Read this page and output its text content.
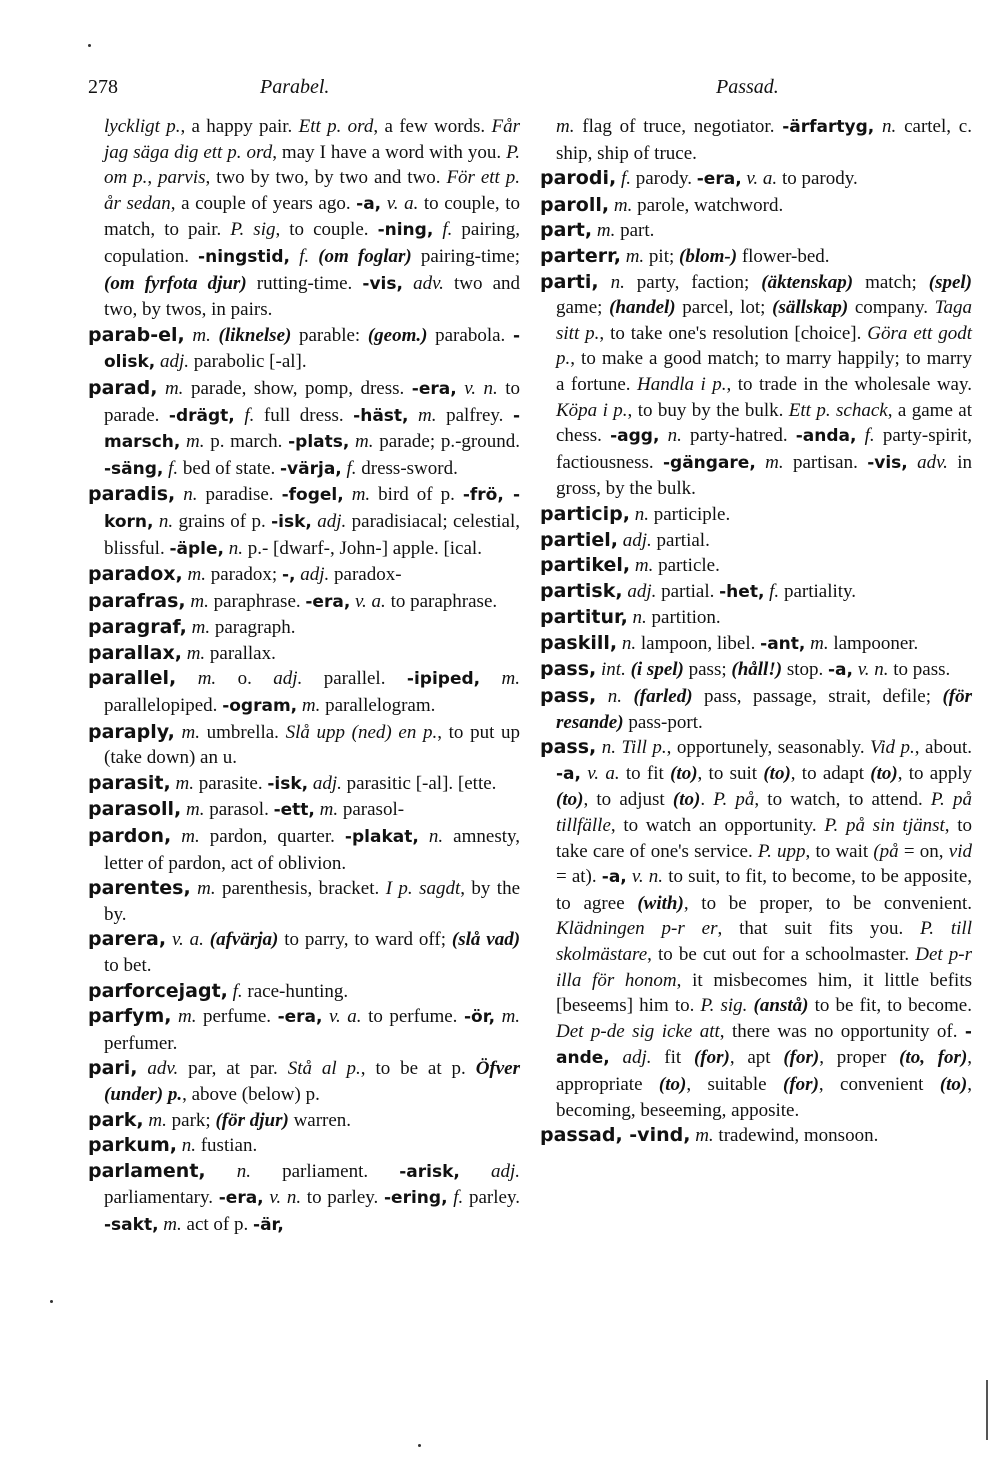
278	Parabel.	Passad.

lyckligt p., a happy pair. Ett p. ord, a few words. Får jag säga dig ett p. ord, may I have a word with you. P. om p., parvis, two by two, by two and two. För ett p. år sedan, a couple of years ago. -a, v. a. to couple, to match, to pair. P. sig, to couple. -ning, f. pairing, copulation. -ningstid, f. (om foglar) pairing-time; (om fyrfota djur) rutting-time. -vis, adv. two and two, by twos, in pairs.

parab-el, m. (liknelse) parable: (geom.) parabola. -olisk, adj. parabolic [-al].

parad, m. parade, show, pomp, dress. -era, v. n. to parade. -drägt, f. full dress. -häst, m. palfrey. -marsch, m. p. march. -plats, m. parade; p.-ground. -säng, f. bed of state. -värja, f. dress-sword.

paradis, n. paradise. -fogel, m. bird of p. -frö, -korn, n. grains of p. -isk, adj. paradisiacal; celestial, blissful. -äple, n. p.- [dwarf-, John-] apple. [ical.

paradox, m. paradox; -, adj. paradox-

parafras, m. paraphrase. -era, v. a. to paraphrase.

paragraf, m. paragraph.

parallax, m. parallax.

parallel, m. o. adj. parallel. -ipiped, m. parallelopiped. -ogram, m. parallelogram.

paraply, m. umbrella. Slå upp (ned) en p., to put up (take down) an u.

parasit, m. parasite. -isk, adj. parasitic [-al]. [ette.

parasoll, m. parasol. -ett, m. parasol-

pardon, m. pardon, quarter. -plakat, n. amnesty, letter of pardon, act of oblivion.

parentes, m. parenthesis, bracket. I p. sagdt, by the by.

parera, v. a. (afvärja) to parry, to ward off; (slå vad) to bet.

parforcejagt, f. race-hunting.

parfym, m. perfume. -era, v. a. to perfume. -ör, m. perfumer.

pari, adv. par, at par. Stå al p., to be at p. Öfver (under) p., above (below) p.

park, m. park; (för djur) warren.

parkum, n. fustian.

parlament, n. parliament. -arisk, adj. parliamentary. -era, v. n. to parley. -ering, f. parley. -sakt, m. act of p. -är,

m. flag of truce, negotiator. -ärfartyg, n. cartel, c. ship, ship of truce.

parodi, f. parody. -era, v. a. to parody.

paroll, m. parole, watchword.

part, m. part.

parterr, m. pit; (blom-) flower-bed.

parti, n. party, faction; (äktenskap) match; (spel) game; (handel) parcel, lot; (sällskap) company. Taga sitt p., to take one's resolution [choice]. Göra ett godt p., to make a good match; to marry happily; to marry a fortune. Handla i p., to trade in the wholesale way. Köpa i p., to buy by the bulk. Ett p. schack, a game at chess. -agg, n. party-hatred. -anda, f. party-spirit, factiousness. -gängare, m. partisan. -vis, adv. in gross, by the bulk.

particip, n. participle.

partiel, adj. partial.

partikel, m. particle.

partisk, adj. partial. -het, f. partiality.

partitur, n. partition.

paskill, n. lampoon, libel. -ant, m. lampooner.

pass, int. (i spel) pass; (håll!) stop. -a, v. n. to pass.

pass, n. (farled) pass, passage, strait, defile; (för resande) pass-port.

pass, n. Till p., opportunely, seasonably. Vid p., about. -a, v. a. to fit (to), to suit (to), to adapt (to), to apply (to), to adjust (to). P. på, to watch, to attend. P. på tillfälle, to watch an opportunity. P. på sin tjänst, to take care of one's service. P. upp, to wait (på = on, vid = at). -a, v. n. to suit, to fit, to become, to be apposite, to agree (with), to be proper, to be convenient. Klädningen p-r er, that suit fits you. P. till skolmästare, to be cut out for a schoolmaster. Det p-r illa för honom, it misbecomes him, it little befits [beseems] him to. P. sig. (anstå) to be fit, to become. Det p-de sig icke att, there was no opportunity of. -ande, adj. fit (for), apt (for), proper (to, for), appropriate (to), suitable (for), convenient (to), becoming, beseeming, apposite.

passad, -vind, m. tradewind, monsoon.
